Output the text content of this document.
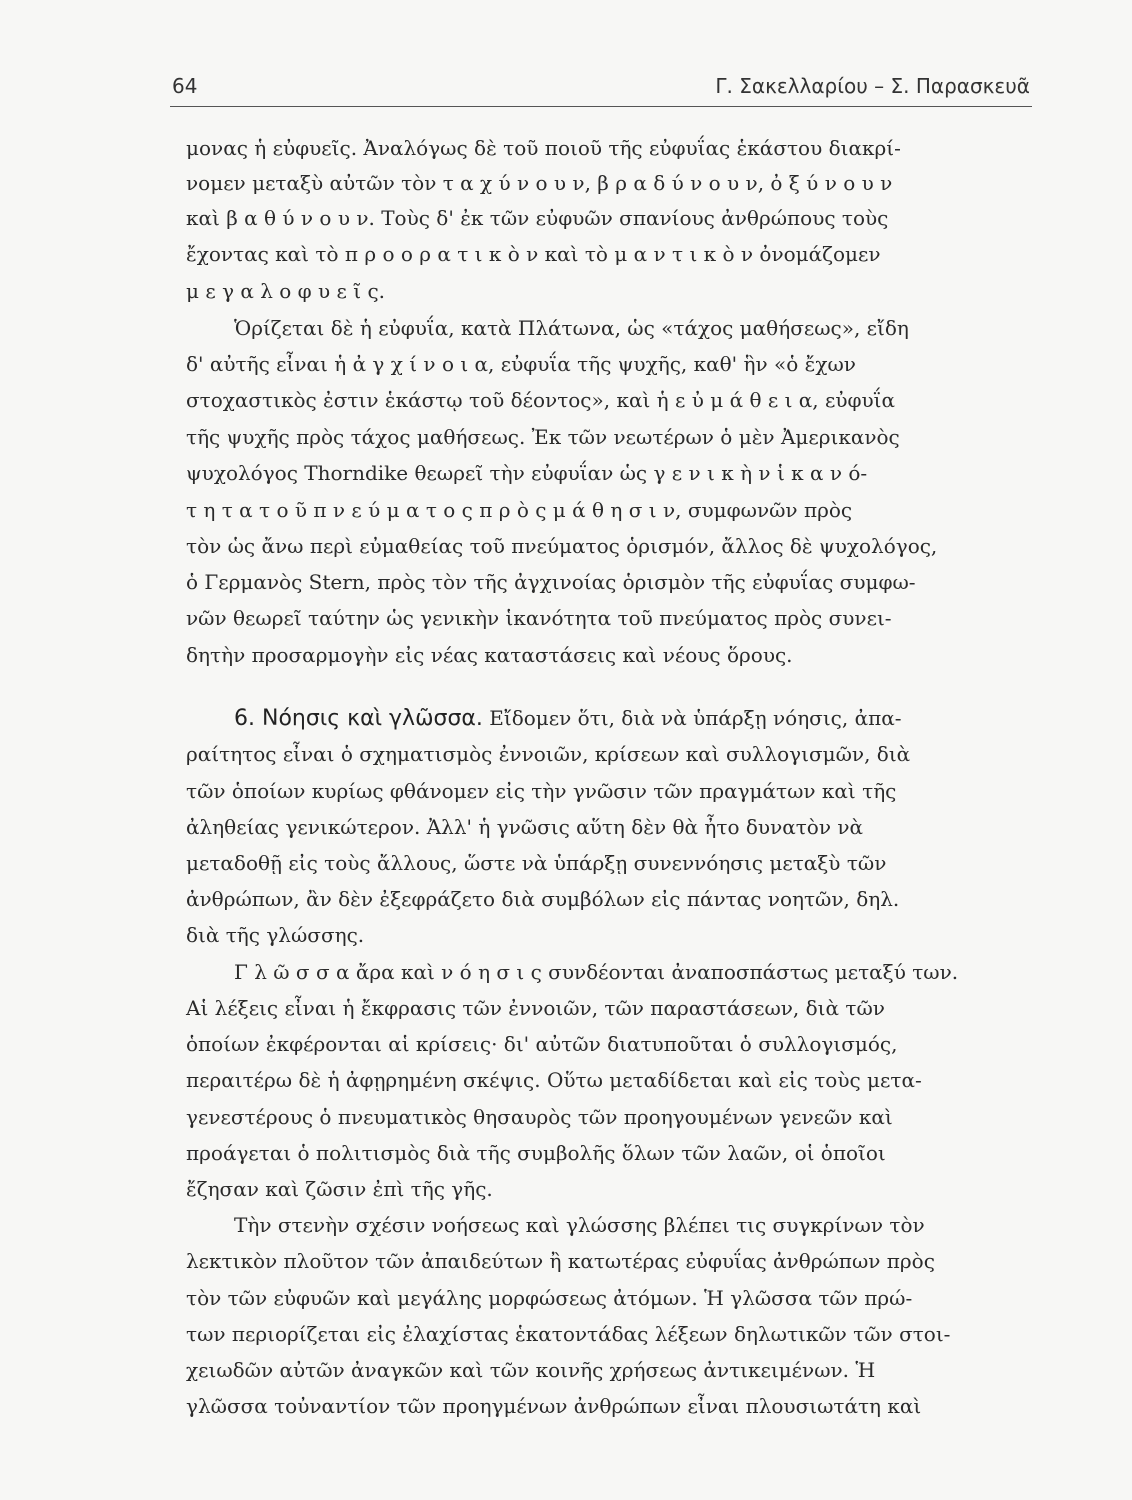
64	Γ. Σακελλαρίου – Σ. Παρασκευᾶ

μονας ἡ εὐφυεῖς. Ἀναλόγως δὲ τοῦ ποιοῦ τῆς εὐφυΐας ἑκάστου διακρί-

νομεν μεταξὺ αὐτῶν τὸν τ α χ ύ ν ο υ ν, β ρ α δ ύ ν ο υ ν, ὀ ξ ύ ν ο υ ν

καὶ β α θ ύ ν ο υ ν. Τοὺς δ' ἐκ τῶν εὐφυῶν σπανίους ἀνθρώπους τοὺς

ἔχοντας καὶ τὸ π ρ ο ο ρ α τ ι κ ὸ ν καὶ τὸ μ α ν τ ι κ ὸ ν ὀνομάζομεν

μ ε γ α λ ο φ υ ε ῖ ς.

Ὁρίζεται δὲ ἡ εὐφυΐα, κατὰ Πλάτωνα, ὡς «τάχος μαθήσεως», εἴδη

δ' αὐτῆς εἶναι ἡ ἀ γ χ ί ν ο ι α, εὐφυΐα τῆς ψυχῆς, καθ' ἣν «ὁ ἔχων

στοχαστικὸς ἐστιν ἑκάστῳ τοῦ δέοντος», καὶ ἡ ε ὐ μ ά θ ε ι α, εὐφυΐα

τῆς ψυχῆς πρὸς τάχος μαθήσεως. Ἐκ τῶν νεωτέρων ὁ μὲν Ἀμερικανὸς

ψυχολόγος Thorndike θεωρεῖ τὴν εὐφυΐαν ὡς γ ε ν ι κ ὴ ν ἱ κ α ν ό-

τ η τ α τ ο ῦ π ν ε ύ μ α τ ο ς π ρ ὸ ς μ ά θ η σ ι ν, συμφωνῶν πρὸς

τὸν ὡς ἄνω περὶ εὐμαθείας τοῦ πνεύματος ὁρισμόν, ἄλλος δὲ ψυχολόγος,

ὁ Γερμανὸς Stern, πρὸς τὸν τῆς ἀγχινοίας ὁρισμὸν τῆς εὐφυΐας συμφω-

νῶν θεωρεῖ ταύτην ὡς γενικὴν ἱκανότητα τοῦ πνεύματος πρὸς συνει-

δητὴν προσαρμογὴν εἰς νέας καταστάσεις καὶ νέους ὅρους.

6. Νόησις καὶ γλῶσσα. Εἴδομεν ὅτι, διὰ νὰ ὑπάρξῃ νόησις, ἀπα-

ραίτητος εἶναι ὁ σχηματισμὸς ἐννοιῶν, κρίσεων καὶ συλλογισμῶν, διὰ

τῶν ὁποίων κυρίως φθάνομεν εἰς τὴν γνῶσιν τῶν πραγμάτων καὶ τῆς

ἀληθείας γενικώτερον. Ἀλλ' ἡ γνῶσις αὕτη δὲν θὰ ἦτο δυνατὸν νὰ

μεταδοθῇ εἰς τοὺς ἄλλους, ὥστε νὰ ὑπάρξῃ συνεννόησις μεταξὺ τῶν

ἀνθρώπων, ἂν δὲν ἐξεφράζετο διὰ συμβόλων εἰς πάντας νοητῶν, δηλ.

διὰ τῆς γλώσσης.

Γ λ ῶ σ σ α ἄρα καὶ ν ό η σ ι ς συνδέονται ἀναποσπάστως μεταξύ των.

Αἱ λέξεις εἶναι ἡ ἔκφρασις τῶν ἐννοιῶν, τῶν παραστάσεων, διὰ τῶν

ὁποίων ἐκφέρονται αἱ κρίσεις· δι' αὐτῶν διατυποῦται ὁ συλλογισμός,

περαιτέρω δὲ ἡ ἀφῃρημένη σκέψις. Οὕτω μεταδίδεται καὶ εἰς τοὺς μετα-

γενεστέρους ὁ πνευματικὸς θησαυρὸς τῶν προηγουμένων γενεῶν καὶ

προάγεται ὁ πολιτισμὸς διὰ τῆς συμβολῆς ὅλων τῶν λαῶν, οἱ ὁποῖοι

ἔζησαν καὶ ζῶσιν ἐπὶ τῆς γῆς.

Τὴν στενὴν σχέσιν νοήσεως καὶ γλώσσης βλέπει τις συγκρίνων τὸν

λεκτικὸν πλοῦτον τῶν ἀπαιδεύτων ἢ κατωτέρας εὐφυΐας ἀνθρώπων πρὸς

τὸν τῶν εὐφυῶν καὶ μεγάλης μορφώσεως ἀτόμων. Ἡ γλῶσσα τῶν πρώ-

των περιορίζεται εἰς ἐλαχίστας ἑκατοντάδας λέξεων δηλωτικῶν τῶν στοι-

χειωδῶν αὐτῶν ἀναγκῶν καὶ τῶν κοινῆς χρήσεως ἀντικειμένων. Ἡ

γλῶσσα τοὐναντίον τῶν προηγμένων ἀνθρώπων εἶναι πλουσιωτάτη καὶ
